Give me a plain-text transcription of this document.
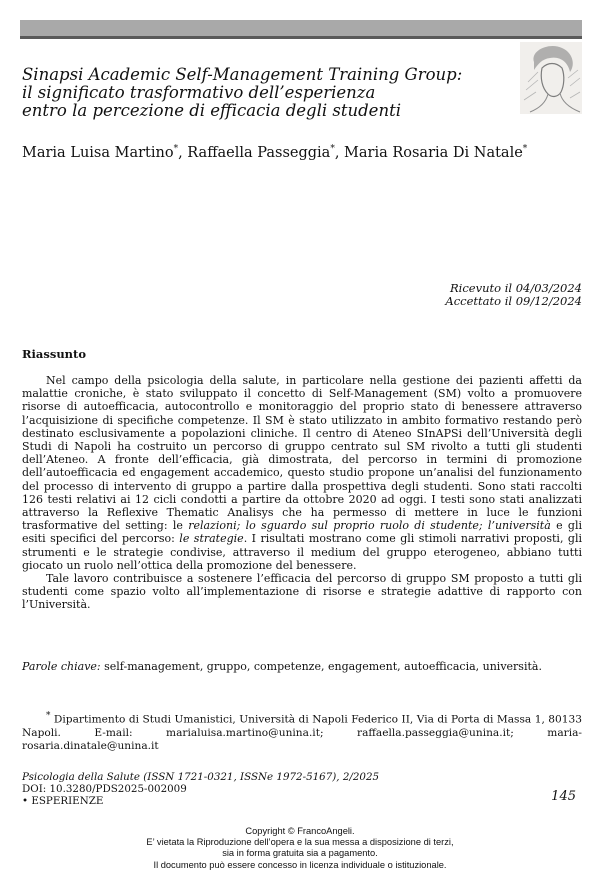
Sinapsi Academic Self-Management Training Group:
il significato trasformativo dell’esperienza
entro la percezione di efficacia degli studenti
Maria Luisa Martino*, Raffaella Passeggia*, Maria Rosaria Di Natale*
Ricevuto il 04/03/2024
Accettato il 09/12/2024
Riassunto

Nel campo della psicologia della salute, in particolare nella gestione dei pazienti affetti da malattie croniche, è stato sviluppato il concetto di Self-Management (SM) volto a promuovere risorse di autoefficacia, autocontrollo e monitoraggio del proprio stato di benessere attraverso l’acquisizione di specifiche competenze. Il SM è stato utilizzato in ambito formativo restando però destinato esclusivamente a popolazioni cliniche. Il centro di Ateneo SInAPSi dell’Università degli Studi di Napoli ha costruito un percorso di gruppo centrato sul SM rivolto a tutti gli studenti dell’Ateneo. A fronte dell’efficacia, già dimostrata, del percorso in termini di promozione dell’autoefficacia ed engagement accademico, questo studio propone un’analisi del funzionamento del processo di intervento di gruppo a partire dalla prospettiva degli studenti. Sono stati raccolti 126 testi relativi ai 12 cicli condotti a partire da ottobre 2020 ad oggi. I testi sono stati analizzati attraverso la Reflexive Thematic Analisys che ha permesso di mettere in luce le funzioni trasformative del setting: le relazioni; lo sguardo sul proprio ruolo di studente; l’università e gli esiti specifici del percorso: le strategie. I risultati mostrano come gli stimoli narrativi proposti, gli strumenti e le strategie condivise, attraverso il medium del gruppo eterogeneo, abbiano tutti giocato un ruolo nell’ottica della promozione del benessere.

Tale lavoro contribuisce a sostenere l’efficacia del percorso di gruppo SM proposto a tutti gli studenti come spazio volto all’implementazione di risorse e strategie adattive di rapporto con l’Università.

Parole chiave: self-management, gruppo, competenze, engagement, autoefficacia, università.

* Dipartimento di Studi Umanistici, Università di Napoli Federico II, Via di Porta di Massa 1, 80133 Napoli. E-mail: marialuisa.martino@unina.it; raffaella.passeggia@unina.it; maria-rosaria.dinatale@unina.it

Psicologia della Salute (ISSN 1721-0321, ISSNe 1972-5167), 2/2025
DOI: 10.3280/PDS2025-002009
• ESPERIENZE	145
Copyright © FrancoAngeli.
E’ vietata la Riproduzione dell’opera e la sua messa a disposizione di terzi,
sia in forma gratuita sia a pagamento.
Il documento può essere concesso in licenza individuale o istituzionale.
